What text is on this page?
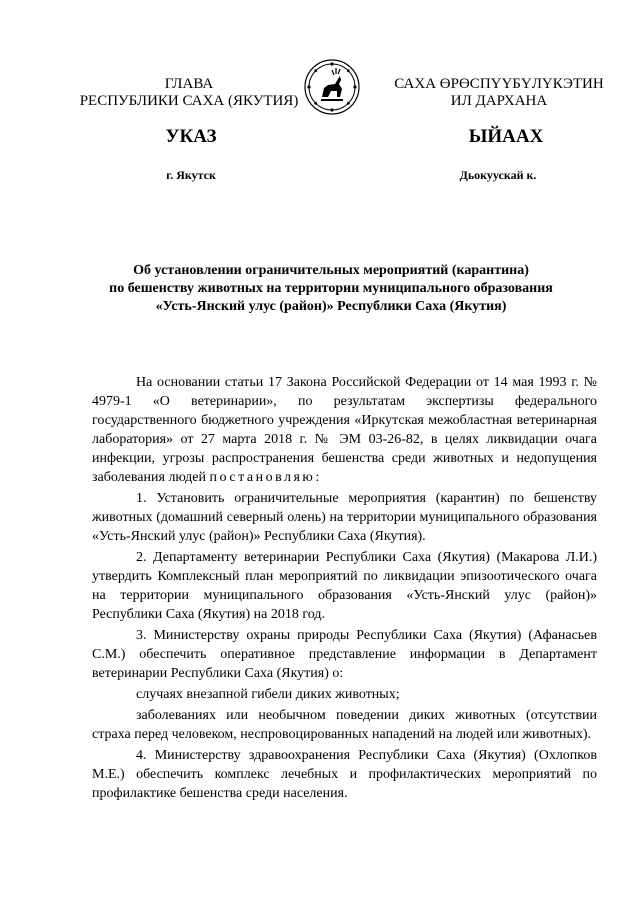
ГЛАВА
РЕСПУБЛИКИ САХА (ЯКУТИЯ)
САХА ӨРӨСПҮҮБҮЛҮКЭТИН
ИЛ ДАРХАНА
УКАЗ	ЫЙААХ
г. Якутск	Дьокуускай к.
Об установлении ограничительных мероприятий (карантина)
по бешенству животных на территории муниципального образования
«Усть-Янский улус (район)» Республики Саха (Якутия)

На основании статьи 17 Закона Российской Федерации от 14 мая 1993 г. № 4979-1 «О ветеринарии», по результатам экспертизы федерального государственного бюджетного учреждения «Иркутская межобластная ветеринарная лаборатория» от 27 марта 2018 г. № ЭМ 03-26-82, в целях ликвидации очага инфекции, угрозы распространения бешенства среди животных и недопущения заболевания людей постановляю:

1. Установить ограничительные мероприятия (карантин) по бешенству животных (домашний северный олень) на территории муниципального образования «Усть-Янский улус (район)» Республики Саха (Якутия).

2. Департаменту ветеринарии Республики Саха (Якутия) (Макарова Л.И.) утвердить Комплексный план мероприятий по ликвидации эпизоотического очага на территории муниципального образования «Усть-Янский улус (район)» Республики Саха (Якутия) на 2018 год.

3. Министерству охраны природы Республики Саха (Якутия) (Афанасьев С.М.) обеспечить оперативное представление информации в Департамент ветеринарии Республики Саха (Якутия) о:

случаях внезапной гибели диких животных;

заболеваниях или необычном поведении диких животных (отсутствии страха перед человеком, неспровоцированных нападений на людей или животных).

4. Министерству здравоохранения Республики Саха (Якутия) (Охлопков М.Е.) обеспечить комплекс лечебных и профилактических мероприятий по профилактике бешенства среди населения.
